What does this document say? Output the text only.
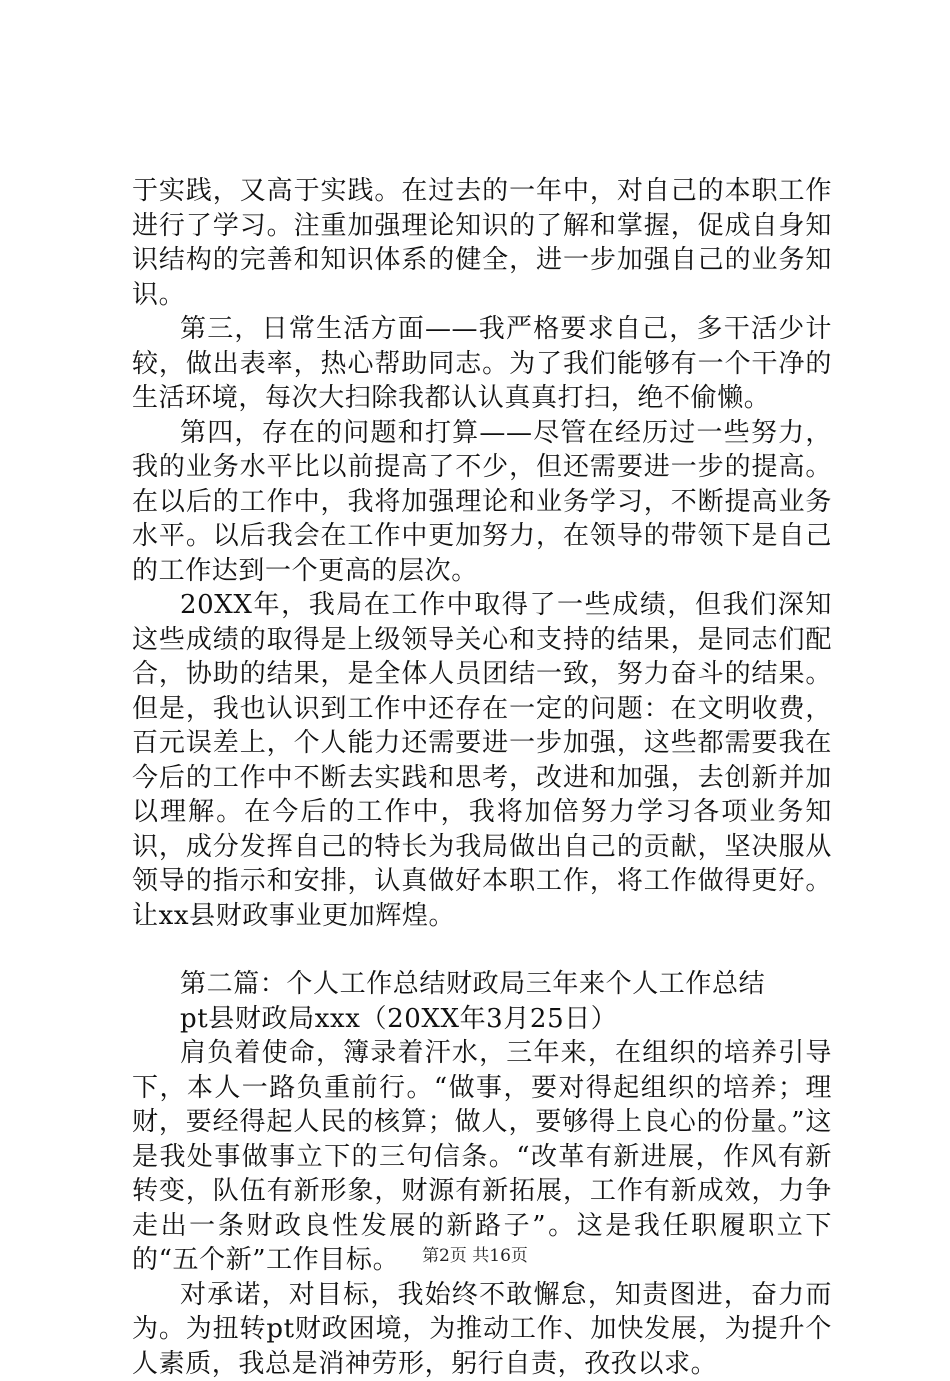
于实践，又高于实践。在过去的一年中，对自己的本职工作进行了学习。注重加强理论知识的了解和掌握，促成自身知识结构的完善和知识体系的健全，进一步加强自己的业务知识。

第三，日常生活方面——我严格要求自己，多干活少计较，做出表率，热心帮助同志。为了我们能够有一个干净的生活环境，每次大扫除我都认认真真打扫，绝不偷懒。

第四，存在的问题和打算——尽管在经历过一些努力，我的业务水平比以前提高了不少，但还需要进一步的提高。在以后的工作中，我将加强理论和业务学习，不断提高业务水平。以后我会在工作中更加努力，在领导的带领下是自己的工作达到一个更高的层次。

20XX年，我局在工作中取得了一些成绩，但我们深知这些成绩的取得是上级领导关心和支持的结果，是同志们配合，协助的结果，是全体人员团结一致，努力奋斗的结果。但是，我也认识到工作中还存在一定的问题：在文明收费，百元误差上，个人能力还需要进一步加强，这些都需要我在今后的工作中不断去实践和思考，改进和加强，去创新并加以理解。在今后的工作中，我将加倍努力学习各项业务知识，成分发挥自己的特长为我局做出自己的贡献，坚决服从领导的指示和安排，认真做好本职工作，将工作做得更好。让xx县财政事业更加辉煌。

第二篇：个人工作总结财政局三年来个人工作总结

pt县财政局xxx（20XX年3月25日）

肩负着使命，簿录着汗水，三年来，在组织的培养引导下，本人一路负重前行。“做事，要对得起组织的培养；理财，要经得起人民的核算；做人，要够得上良心的份量。”这是我处事做事立下的三句信条。“改革有新进展，作风有新转变，队伍有新形象，财源有新拓展，工作有新成效，力争走出一条财政良性发展的新路子”。这是我任职履职立下的“五个新”工作目标。

对承诺，对目标，我始终不敢懈怠，知责图进，奋力而为。为扭转pt财政困境，为推动工作、加快发展，为提升个人素质，我总是消神劳形，躬行自责，孜孜以求。

第2页 共16页
